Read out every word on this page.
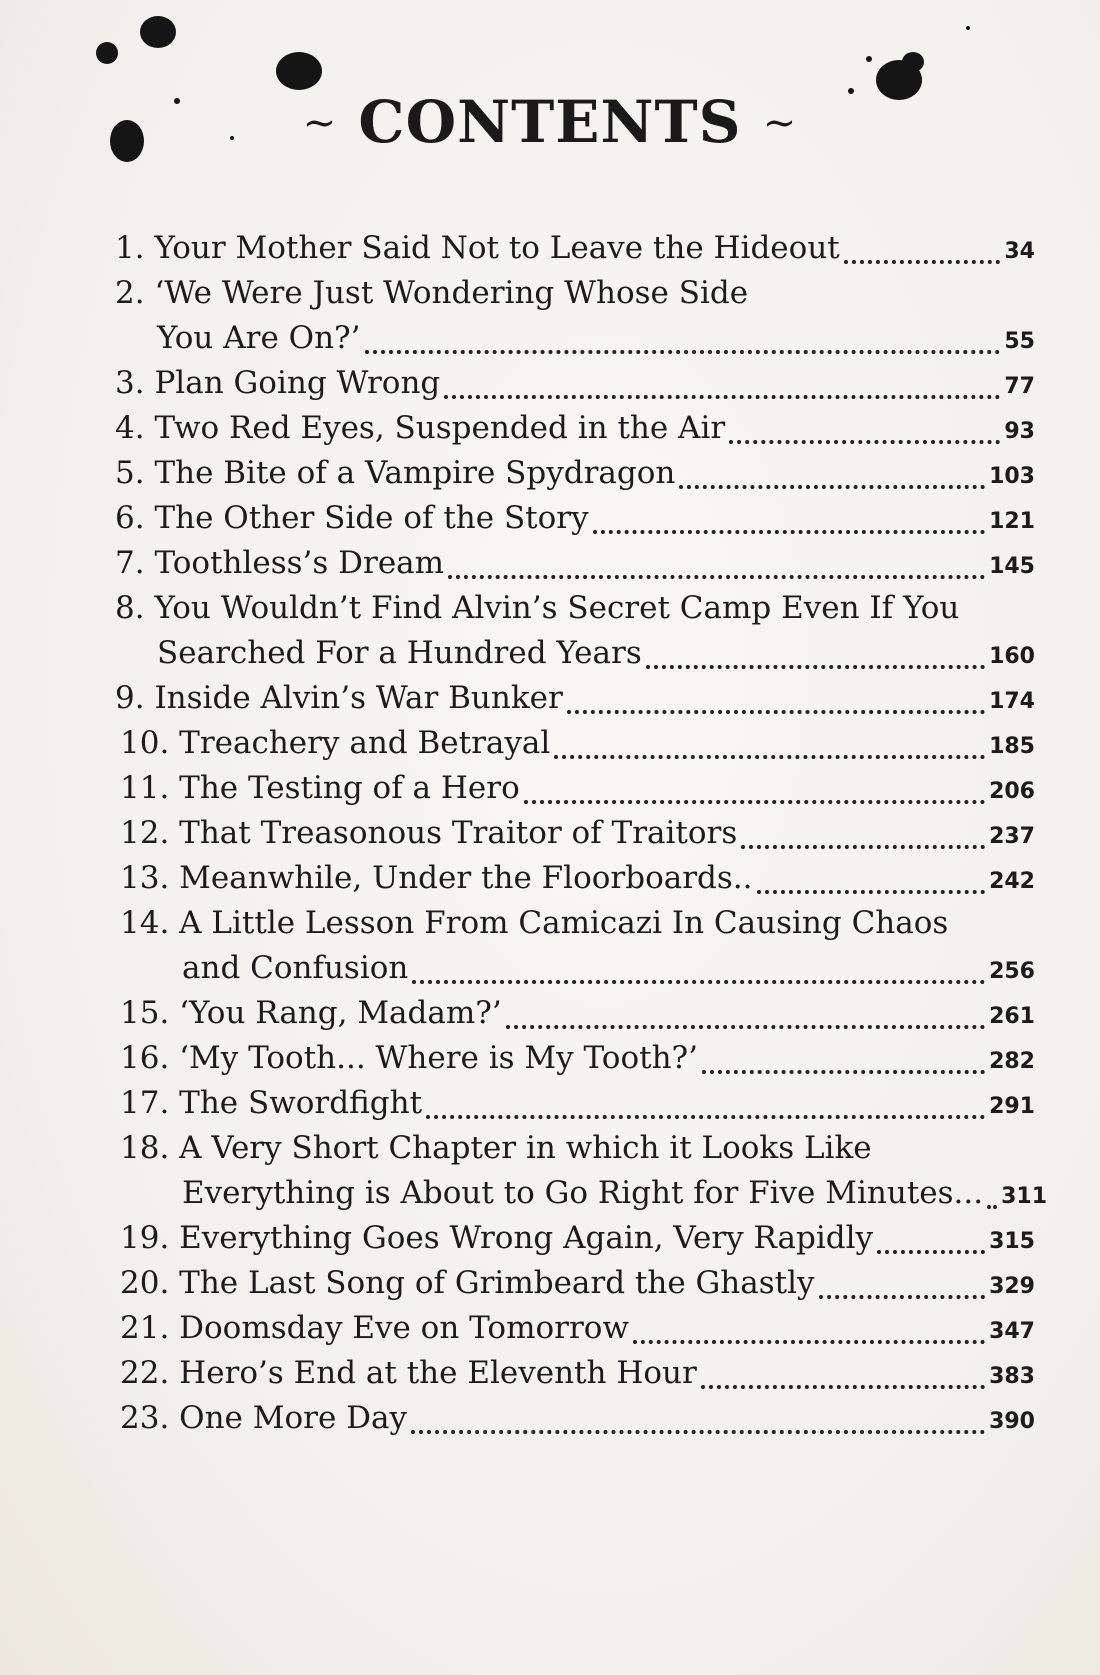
~ CONTENTS ~
1. Your Mother Said Not to Leave the Hideout	34
2. ‘We Were Just Wondering Whose Side
You Are On?’	55
3. Plan Going Wrong	77
4. Two Red Eyes, Suspended in the Air	93
5. The Bite of a Vampire Spydragon	103
6. The Other Side of the Story	121
7. Toothless’s Dream	145
8. You Wouldn’t Find Alvin’s Secret Camp Even If You
Searched For a Hundred Years	160
9. Inside Alvin’s War Bunker	174
10. Treachery and Betrayal	185
11. The Testing of a Hero	206
12. That Treasonous Traitor of Traitors	237
13. Meanwhile, Under the Floorboards..	242
14. A Little Lesson From Camicazi In Causing Chaos
and Confusion	256
15. ‘You Rang, Madam?’	261
16. ‘My Tooth... Where is My Tooth?’	282
17. The Swordfight	291
18. A Very Short Chapter in which it Looks Like
Everything is About to Go Right for Five Minutes... 311
19. Everything Goes Wrong Again, Very Rapidly	315
20. The Last Song of Grimbeard the Ghastly	329
21. Doomsday Eve on Tomorrow	347
22. Hero’s End at the Eleventh Hour	383
23. One More Day	390
